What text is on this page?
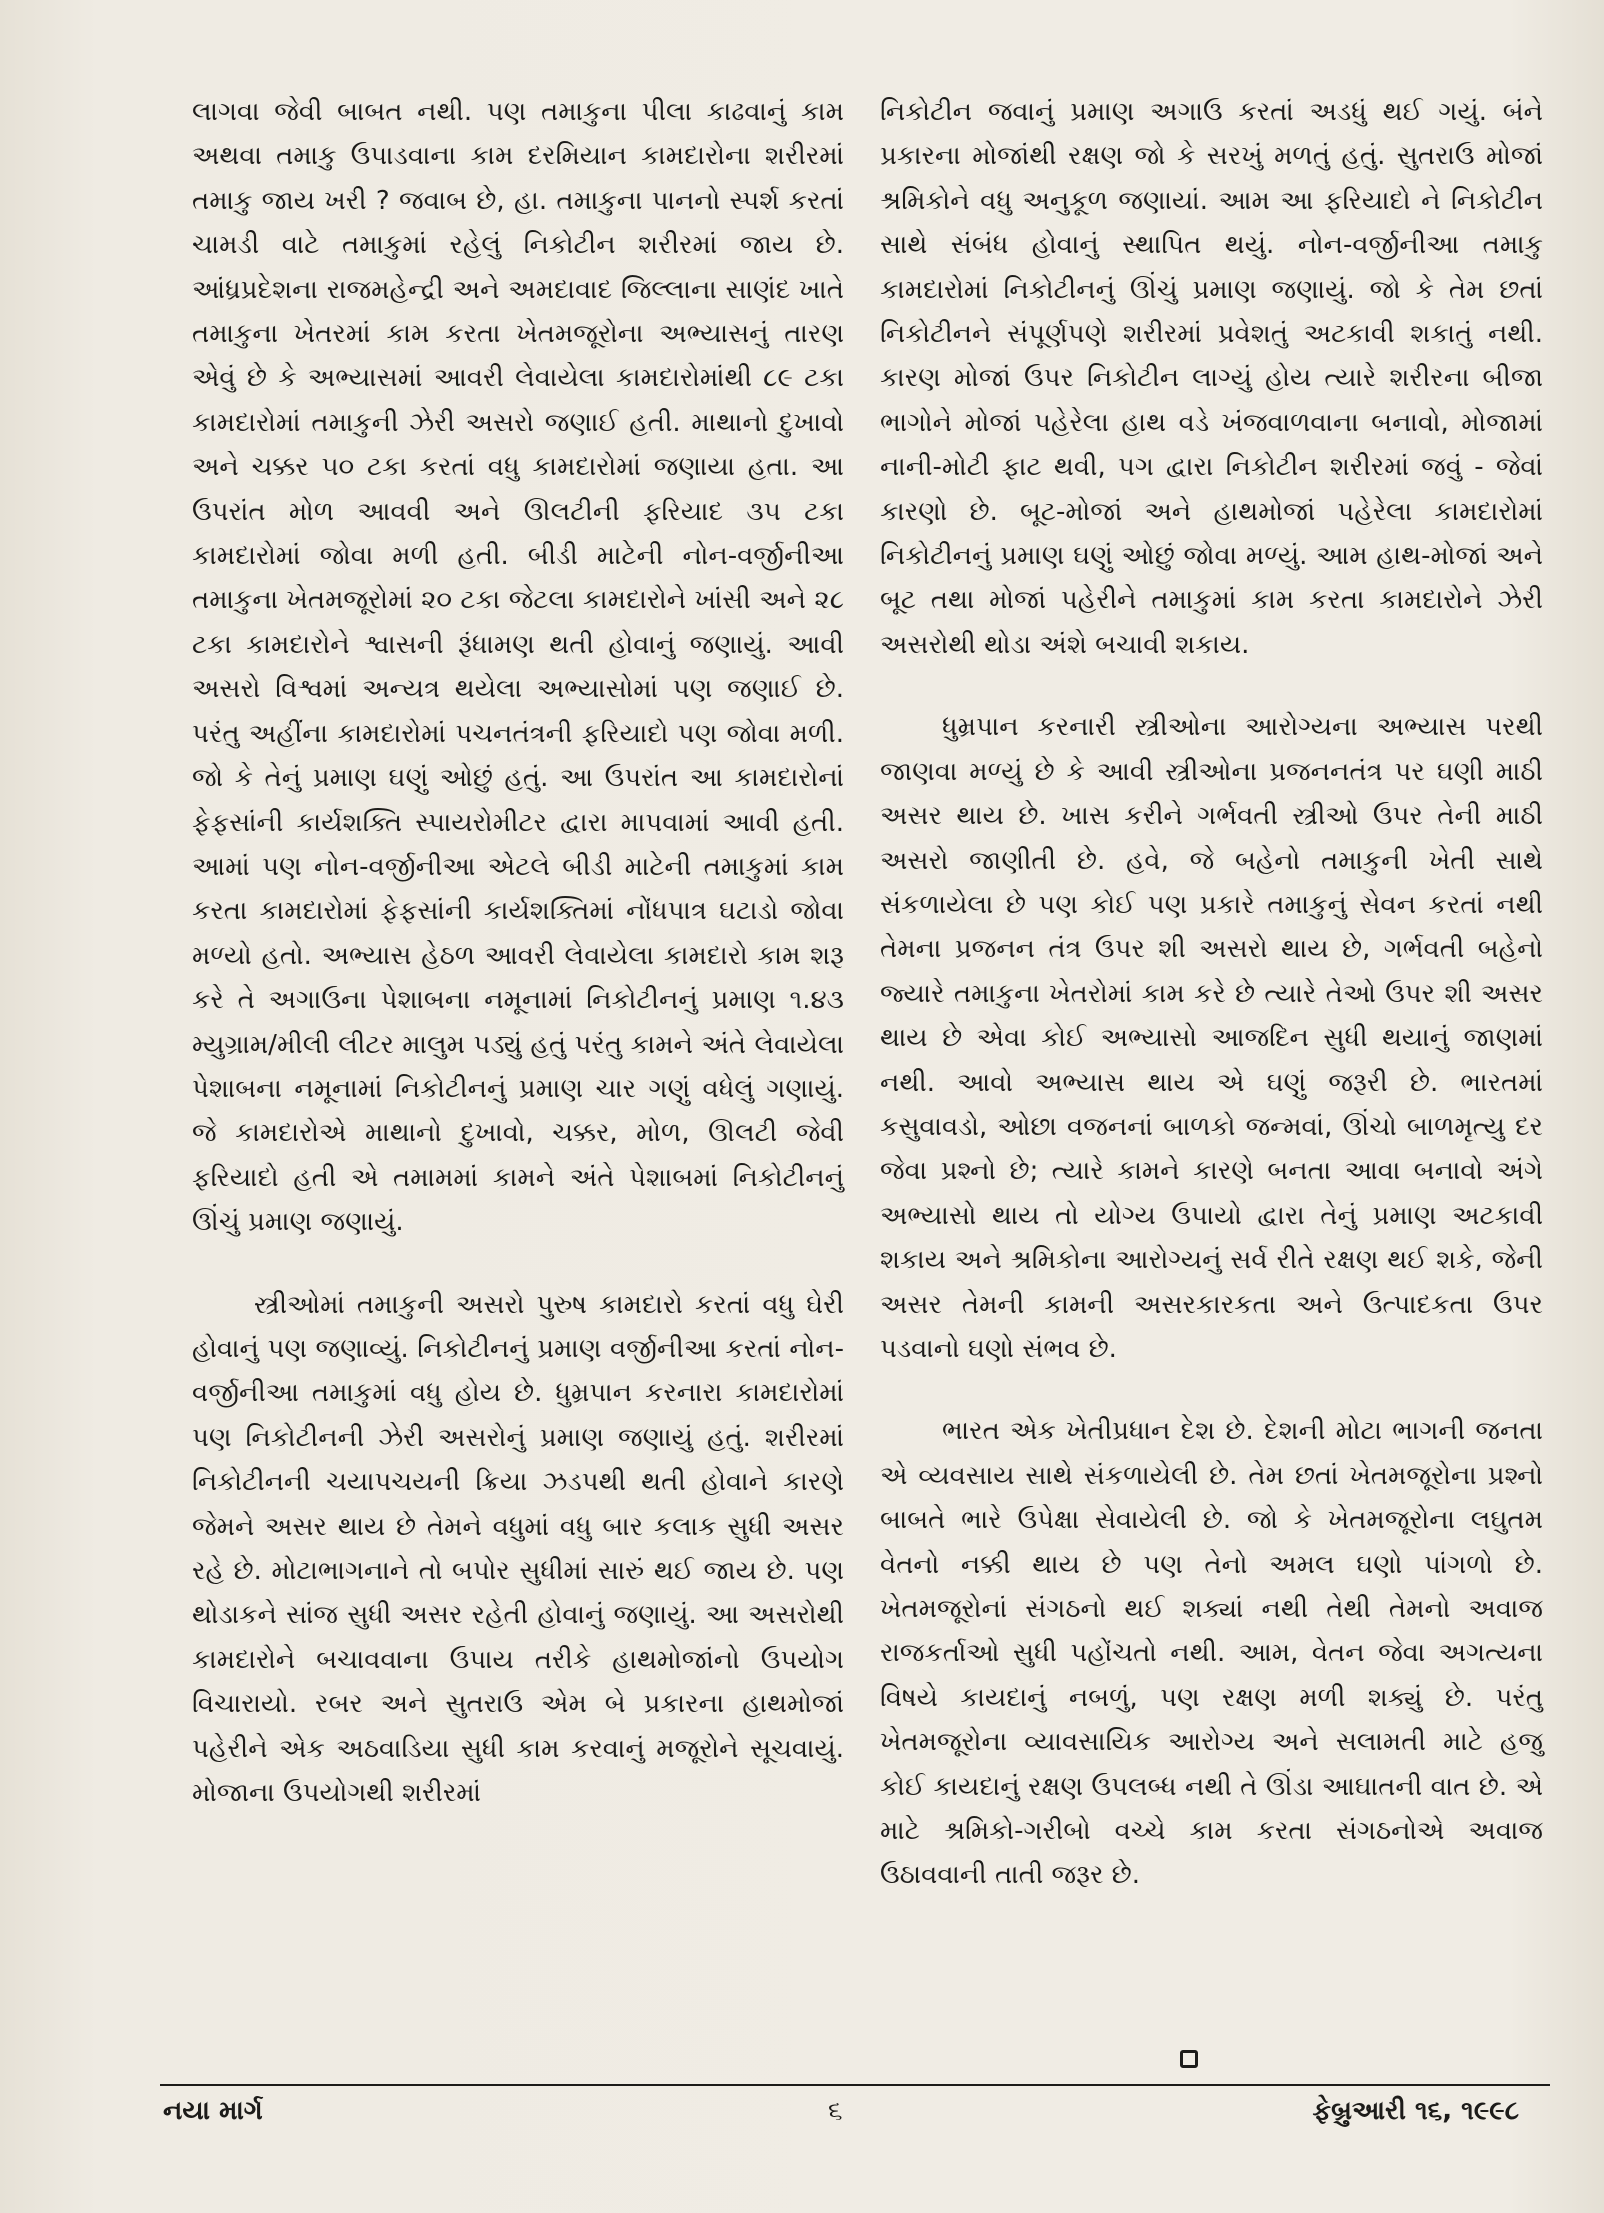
લાગવા જેવી બાબત નથી. પણ તમાકુના પીલા કાઢવાનું કામ અથવા તમાકુ ઉપાડવાના કામ દરમિયાન કામદારોના શરીરમાં તમાકુ જાય ખરી ? જવાબ છે, હા. તમાકુના પાનનો સ્પર્શ કરતાં ચામડી વાટે તમાકુમાં રહેલું નિકોટીન શરીરમાં જાય છે. આંધ્રપ્રદેશના રાજમહેન્દ્રી અને અમદાવાદ જિલ્લાના સાણંદ ખાતે તમાકુના ખેતરમાં કામ કરતા ખેતમજૂરોના અભ્યાસનું તારણ એવું છે કે અભ્યાસમાં આવરી લેવાયેલા કામદારોમાંથી ૮૯ ટકા કામદારોમાં તમાકુની ઝેરી અસરો જણાઈ હતી. માથાનો દુખાવો અને ચક્કર ૫૦ ટકા કરતાં વધુ કામદારોમાં જણાયા હતા. આ ઉપરાંત મોળ આવવી અને ઊલટીની ફરિયાદ ૩૫ ટકા કામદારોમાં જોવા મળી હતી. બીડી માટેની નોન-વર્જીનીઆ તમાકુના ખેતમજૂરોમાં ૨૦ ટકા જેટલા કામદારોને ખાંસી અને ૨૮ ટકા કામદારોને શ્વાસની રૂંધામણ થતી હોવાનું જણાયું. આવી અસરો વિશ્વમાં અન્યત્ર થયેલા અભ્યાસોમાં પણ જણાઈ છે. પરંતુ અહીંના કામદારોમાં પચનતંત્રની ફરિયાદો પણ જોવા મળી. જો કે તેનું પ્રમાણ ઘણું ઓછું હતું. આ ઉપરાંત આ કામદારોનાં ફેફસાંની કાર્યશક્તિ સ્પાયરોમીટર દ્વારા માપવામાં આવી હતી. આમાં પણ નોન-વર્જીનીઆ એટલે બીડી માટેની તમાકુમાં કામ કરતા કામદારોમાં ફેફસાંની કાર્યશક્તિમાં નોંધપાત્ર ઘટાડો જોવા મળ્યો હતો. અભ્યાસ હેઠળ આવરી લેવાયેલા કામદારો કામ શરૂ કરે તે અગાઉના પેશાબના નમૂનામાં નિકોટીનનું પ્રમાણ ૧.૪૩ મ્યુગ્રામ/મીલી લીટર માલુમ પડ્યું હતું પરંતુ કામને અંતે લેવાયેલા પેશાબના નમૂનામાં નિકોટીનનું પ્રમાણ ચાર ગણું વધેલું ગણાયું. જે કામદારોએ માથાનો દુખાવો, ચક્કર, મોળ, ઊલટી જેવી ફરિયાદો હતી એ તમામમાં કામને અંતે પેશાબમાં નિકોટીનનું ઊંચું પ્રમાણ જણાયું.

સ્ત્રીઓમાં તમાકુની અસરો પુરુષ કામદારો કરતાં વધુ ઘેરી હોવાનું પણ જણાવ્યું. નિકોટીનનું પ્રમાણ વર્જીનીઆ કરતાં નોન-વર્જીનીઆ તમાકુમાં વધુ હોય છે. ધુમ્રપાન કરનારા કામદારોમાં પણ નિકોટીનની ઝેરી અસરોનું પ્રમાણ જણાયું હતું. શરીરમાં નિકોટીનની ચયાપચયની ક્રિયા ઝડપથી થતી હોવાને કારણે જેમને અસર થાય છે તેમને વધુમાં વધુ બાર કલાક સુધી અસર રહે છે. મોટાભાગનાને તો બપોર સુધીમાં સારું થઈ જાય છે. પણ થોડાકને સાંજ સુધી અસર રહેતી હોવાનું જણાયું. આ અસરોથી કામદારોને બચાવવાના ઉપાય તરીકે હાથમોજાંનો ઉપયોગ વિચારાયો. રબર અને સુતરાઉ એમ બે પ્રકારના હાથમોજાં પહેરીને એક અઠવાડિયા સુધી કામ કરવાનું મજૂરોને સૂચવાયું. મોજાના ઉપયોગથી શરીરમાં

નિકોટીન જવાનું પ્રમાણ અગાઉ કરતાં અડધું થઈ ગયું. બંને પ્રકારના મોજાંથી રક્ષણ જો કે સરખું મળતું હતું. સુતરાઉ મોજાં શ્રમિકોને વધુ અનુકૂળ જણાયાં. આમ આ ફરિયાદો ને નિકોટીન સાથે સંબંધ હોવાનું સ્થાપિત થયું. નોન-વર્જીનીઆ તમાકુ કામદારોમાં નિકોટીનનું ઊંચું પ્રમાણ જણાયું. જો કે તેમ છતાં નિકોટીનને સંપૂર્ણપણે શરીરમાં પ્રવેશતું અટકાવી શકાતું નથી. કારણ મોજાં ઉપર નિકોટીન લાગ્યું હોય ત્યારે શરીરના બીજા ભાગોને મોજાં પહેરેલા હાથ વડે ખંજવાળવાના બનાવો, મોજામાં નાની-મોટી ફાટ થવી, પગ દ્વારા નિકોટીન શરીરમાં જવું - જેવાં કારણો છે. બૂટ-મોજાં અને હાથમોજાં પહેરેલા કામદારોમાં નિકોટીનનું પ્રમાણ ઘણું ઓછું જોવા મળ્યું. આમ હાથ-મોજાં અને બૂટ તથા મોજાં પહેરીને તમાકુમાં કામ કરતા કામદારોને ઝેરી અસરોથી થોડા અંશે બચાવી શકાય.

ધુમ્રપાન કરનારી સ્ત્રીઓના આરોગ્યના અભ્યાસ પરથી જાણવા મળ્યું છે કે આવી સ્ત્રીઓના પ્રજનનતંત્ર પર ઘણી માઠી અસર થાય છે. ખાસ કરીને ગર્ભવતી સ્ત્રીઓ ઉપર તેની માઠી અસરો જાણીતી છે. હવે, જે બહેનો તમાકુની ખેતી સાથે સંકળાયેલા છે પણ કોઈ પણ પ્રકારે તમાકુનું સેવન કરતાં નથી તેમના પ્રજનન તંત્ર ઉપર શી અસરો થાય છે, ગર્ભવતી બહેનો જ્યારે તમાકુના ખેતરોમાં કામ કરે છે ત્યારે તેઓ ઉપર શી અસર થાય છે એવા કોઈ અભ્યાસો આજદિન સુધી થયાનું જાણમાં નથી. આવો અભ્યાસ થાય એ ઘણું જરૂરી છે. ભારતમાં કસુવાવડો, ઓછા વજનનાં બાળકો જન્મવાં, ઊંચો બાળમૃત્યુ દર જેવા પ્રશ્નો છે; ત્યારે કામને કારણે બનતા આવા બનાવો અંગે અભ્યાસો થાય તો યોગ્ય ઉપાયો દ્વારા તેનું પ્રમાણ અટકાવી શકાય અને શ્રમિકોના આરોગ્યનું સર્વ રીતે રક્ષણ થઈ શકે, જેની અસર તેમની કામની અસરકારકતા અને ઉત્પાદકતા ઉપર પડવાનો ઘણો સંભવ છે.

ભારત એક ખેતીપ્રધાન દેશ છે. દેશની મોટા ભાગની જનતા એ વ્યવસાય સાથે સંકળાયેલી છે. તેમ છતાં ખેતમજૂરોના પ્રશ્નો બાબતે ભારે ઉપેક્ષા સેવાયેલી છે. જો કે ખેતમજૂરોના લઘુતમ વેતનો નક્કી થાય છે પણ તેનો અમલ ઘણો પાંગળો છે. ખેતમજૂરોનાં સંગઠનો થઈ શક્યાં નથી તેથી તેમનો અવાજ રાજકર્તાઓ સુધી પહોંચતો નથી. આમ, વેતન જેવા અગત્યના વિષયે કાયદાનું નબળું, પણ રક્ષણ મળી શક્યું છે. પરંતુ ખેતમજૂરોના વ્યાવસાયિક આરોગ્ય અને સલામતી માટે હજુ કોઈ કાયદાનું રક્ષણ ઉપલબ્ધ નથી તે ઊંડા આઘાતની વાત છે. એ માટે શ્રમિકો-ગરીબો વચ્ચે કામ કરતા સંગઠનોએ અવાજ ઉઠાવવાની તાતી જરૂર છે.

નયા માર્ગ	૬	ફેબ્રુઆરી ૧૬, ૧૯૯૮
